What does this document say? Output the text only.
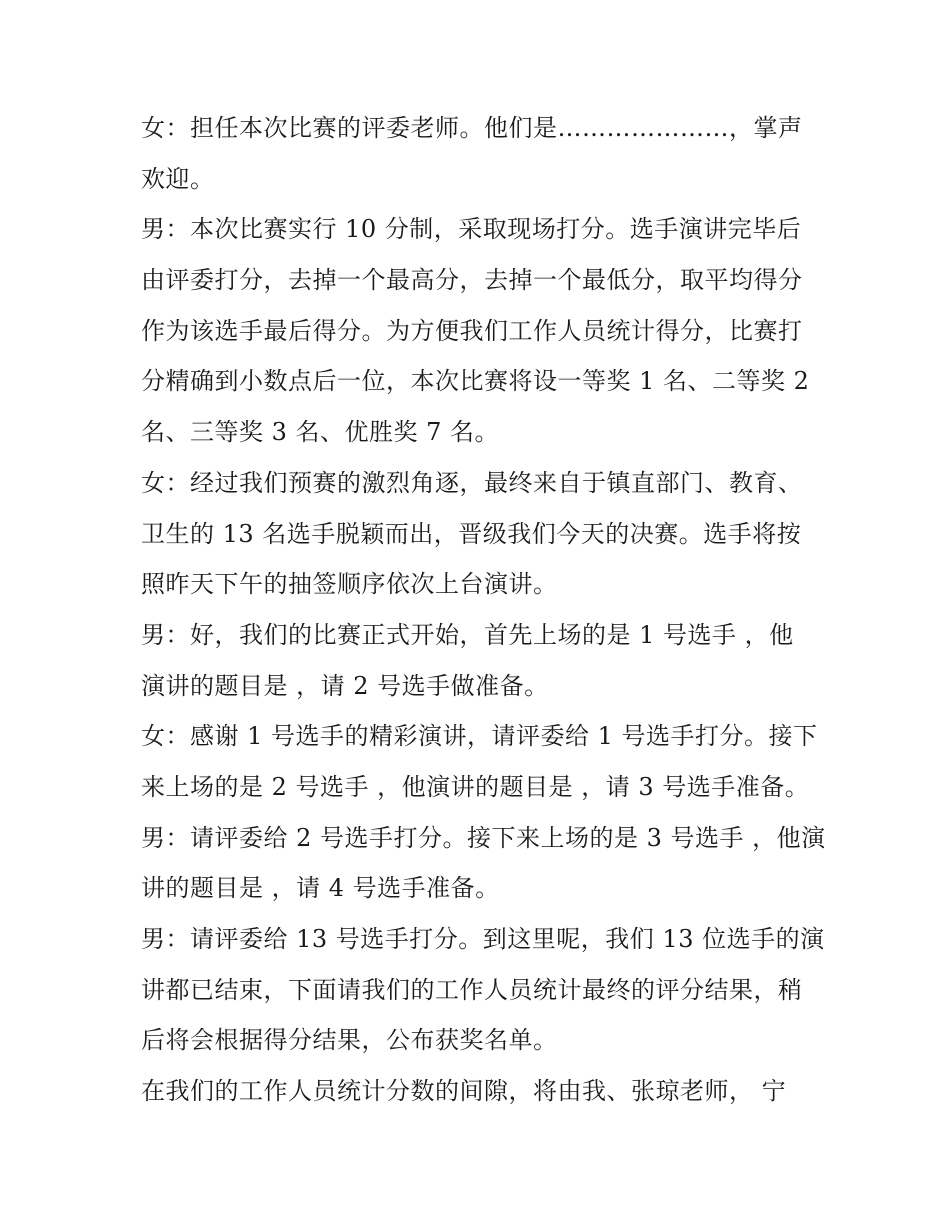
女：担任本次比赛的评委老师。他们是…………………，掌声
欢迎。
男：本次比赛实行 10 分制，采取现场打分。选手演讲完毕后
由评委打分，去掉一个最高分，去掉一个最低分，取平均得分
作为该选手最后得分。为方便我们工作人员统计得分，比赛打
分精确到小数点后一位，本次比赛将设一等奖 1 名、二等奖 2
名、三等奖 3 名、优胜奖 7 名。
女：经过我们预赛的激烈角逐，最终来自于镇直部门、教育、
卫生的 13 名选手脱颖而出，晋级我们今天的决赛。选手将按
照昨天下午的抽签顺序依次上台演讲。
男：好，我们的比赛正式开始，首先上场的是 1 号选手 ，他
演讲的题目是 ，请 2 号选手做准备。
女：感谢 1 号选手的精彩演讲，请评委给 1 号选手打分。接下
来上场的是 2 号选手 ，他演讲的题目是 ，请 3 号选手准备。
男：请评委给 2 号选手打分。接下来上场的是 3 号选手 ，他演
讲的题目是 ，请 4 号选手准备。
男：请评委给 13 号选手打分。到这里呢，我们 13 位选手的演
讲都已结束，下面请我们的工作人员统计最终的评分结果，稍
后将会根据得分结果，公布获奖名单。
在我们的工作人员统计分数的间隙，将由我、张琼老师， 宁
